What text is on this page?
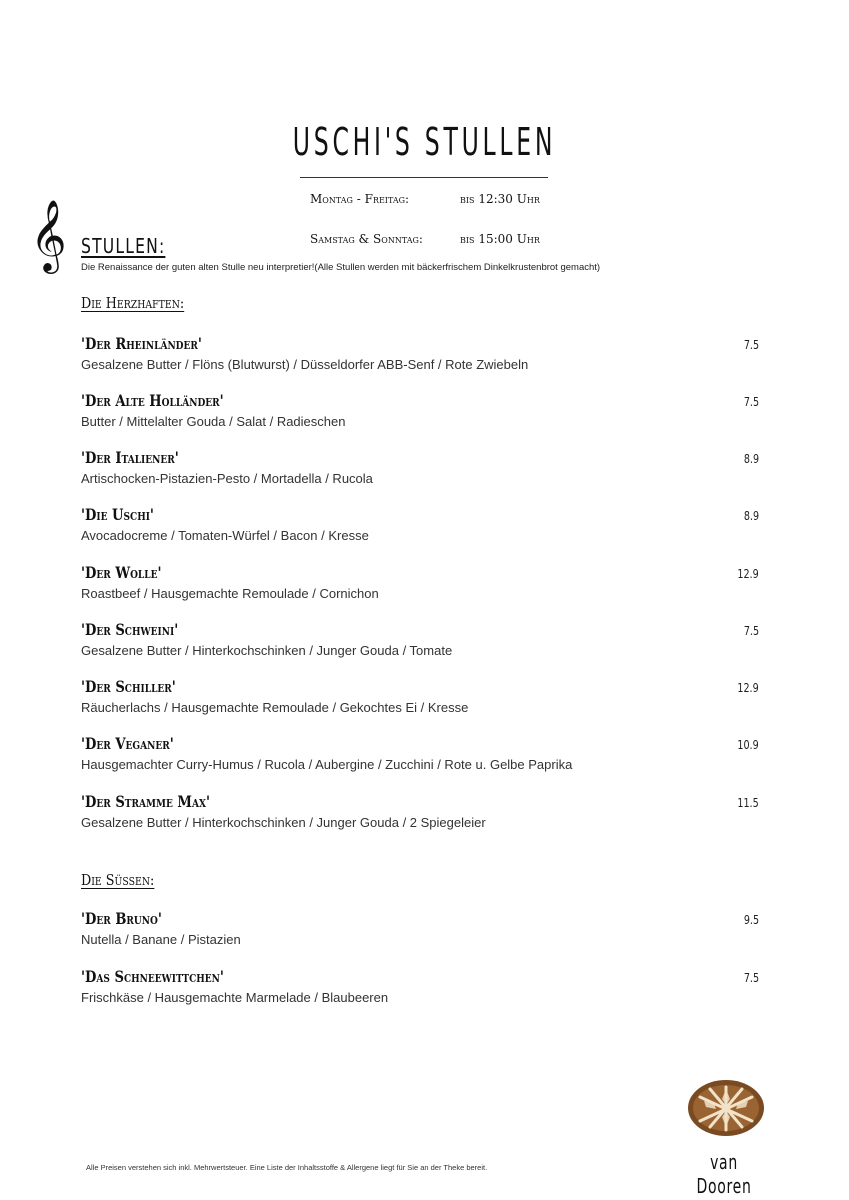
USCHI'S STULLEN
Montag - Freitag:	bis 12:30 Uhr
Samstag & Sonntag:	bis 15:00 Uhr
𝄞 STULLEN:
Die Renaissance der guten alten Stulle neu interpretier!(Alle Stullen werden mit bäckerfrischem Dinkelkrustenbrot gemacht)
Die Herzhaften:
'Der Rheinländer'
Gesalzene Butter / Flöns (Blutwurst) / Düsseldorfer ABB-Senf / Rote Zwiebeln
7.5
'Der Alte Holländer'
Butter / Mittelalter Gouda / Salat / Radieschen
7.5
'Der Italiener'
Artischocken-Pistazien-Pesto / Mortadella / Rucola
8.9
'Die Uschi'
Avocadocreme / Tomaten-Würfel / Bacon / Kresse
8.9
'Der Wolle'
Roastbeef / Hausgemachte Remoulade / Cornichon
12.9
'Der Schweini'
Gesalzene Butter / Hinterkochschinken / Junger Gouda / Tomate
7.5
'Der Schiller'
Räucherlachs / Hausgemachte Remoulade / Gekochtes Ei / Kresse
12.9
'Der Veganer'
Hausgemachter Curry-Humus / Rucola / Aubergine / Zucchini / Rote u. Gelbe Paprika
10.9
'Der Stramme Max'
Gesalzene Butter / Hinterkochschinken / Junger Gouda / 2 Spiegeleier
11.5
Die Süßen:
'Der Bruno'
Nutella / Banane / Pistazien
9.5
'Das Schneewittchen'
Frischkäse / Hausgemachte Marmelade / Blaubeeren
7.5
Alle Preisen verstehen sich inkl. Mehrwertsteuer. Eine Liste der Inhaltsstoffe & Allergene liegt für Sie an der Theke bereit.	van Dooren
